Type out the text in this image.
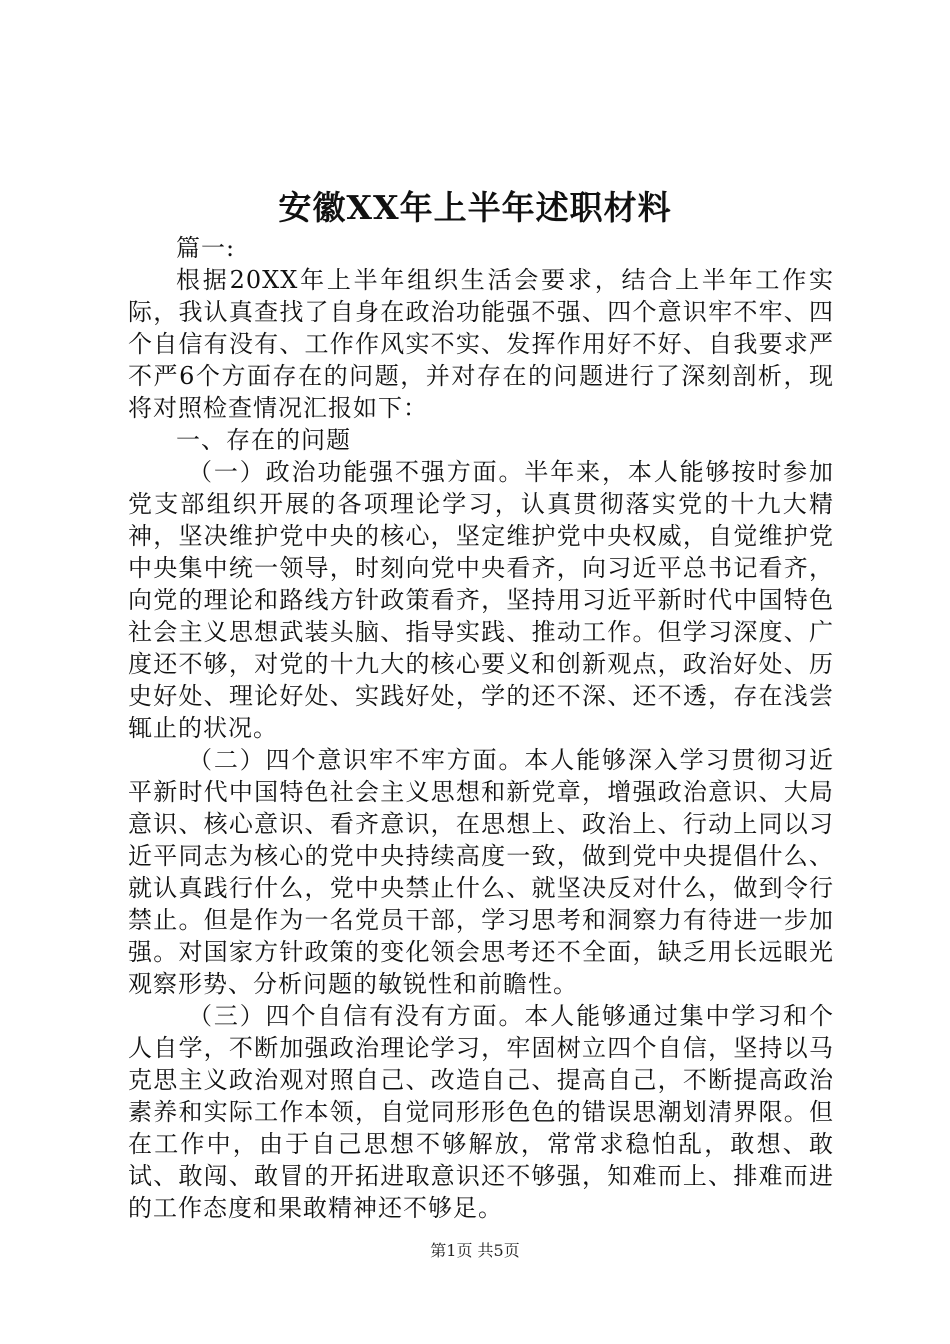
安徽XX年上半年述职材料

篇一:

根据20XX年上半年组织生活会要求，结合上半年工作实际，我认真查找了自身在政治功能强不强、四个意识牢不牢、四个自信有没有、工作作风实不实、发挥作用好不好、自我要求严不严6个方面存在的问题，并对存在的问题进行了深刻剖析，现将对照检查情况汇报如下：

一、存在的问题

（一）政治功能强不强方面。半年来，本人能够按时参加党支部组织开展的各项理论学习，认真贯彻落实党的十九大精神，坚决维护党中央的核心，坚定维护党中央权威，自觉维护党中央集中统一领导，时刻向党中央看齐，向习近平总书记看齐，向党的理论和路线方针政策看齐，坚持用习近平新时代中国特色社会主义思想武装头脑、指导实践、推动工作。但学习深度、广度还不够，对党的十九大的核心要义和创新观点，政治好处、历史好处、理论好处、实践好处，学的还不深、还不透，存在浅尝辄止的状况。

（二）四个意识牢不牢方面。本人能够深入学习贯彻习近平新时代中国特色社会主义思想和新党章，增强政治意识、大局意识、核心意识、看齐意识，在思想上、政治上、行动上同以习近平同志为核心的党中央持续高度一致，做到党中央提倡什么、就认真践行什么，党中央禁止什么、就坚决反对什么，做到令行禁止。但是作为一名党员干部，学习思考和洞察力有待进一步加强。对国家方针政策的变化领会思考还不全面，缺乏用长远眼光观察形势、分析问题的敏锐性和前瞻性。

（三）四个自信有没有方面。本人能够通过集中学习和个人自学，不断加强政治理论学习，牢固树立四个自信，坚持以马克思主义政治观对照自己、改造自己、提高自己，不断提高政治素养和实际工作本领，自觉同形形色色的错误思潮划清界限。但在工作中，由于自己思想不够解放，常常求稳怕乱，敢想、敢试、敢闯、敢冒的开拓进取意识还不够强，知难而上、排难而进的工作态度和果敢精神还不够足。

第1页 共5页
